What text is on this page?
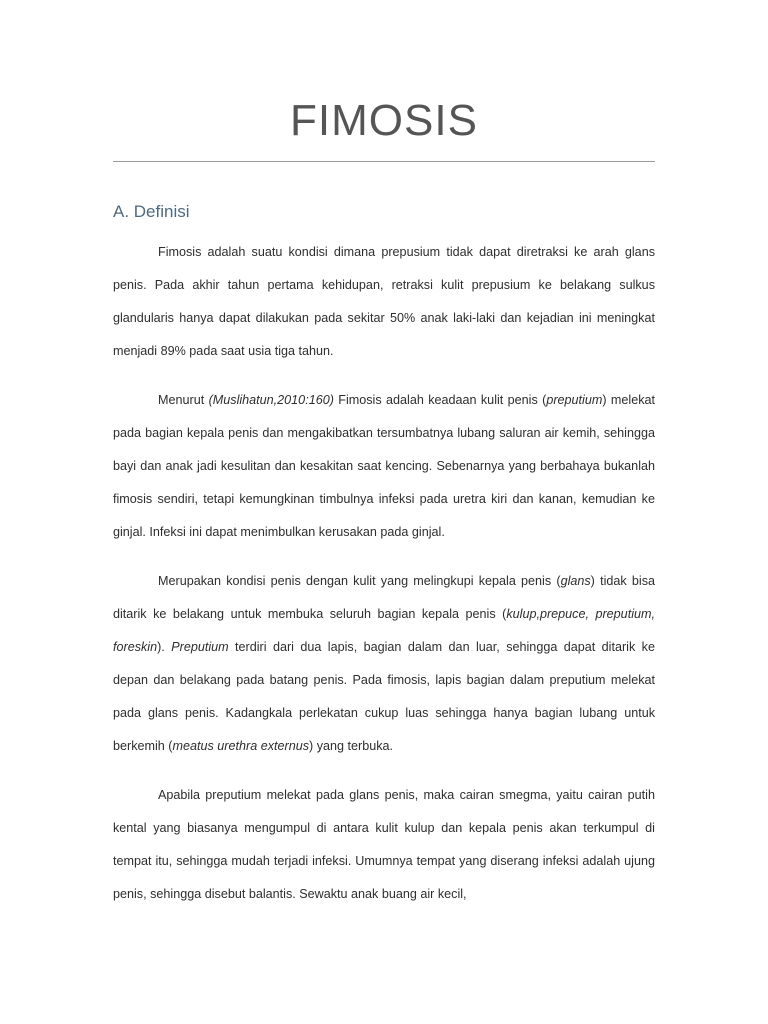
FIMOSIS
A. Definisi

Fimosis adalah suatu kondisi dimana prepusium tidak dapat diretraksi ke arah glans penis. Pada akhir tahun pertama kehidupan, retraksi kulit prepusium ke belakang sulkus glandularis hanya dapat dilakukan pada sekitar 50% anak laki-laki dan kejadian ini meningkat menjadi 89% pada saat usia tiga tahun.

Menurut (Muslihatun,2010:160) Fimosis adalah keadaan kulit penis (preputium) melekat pada bagian kepala penis dan mengakibatkan tersumbatnya lubang saluran air kemih, sehingga bayi dan anak jadi kesulitan dan kesakitan saat kencing. Sebenarnya yang berbahaya bukanlah fimosis sendiri, tetapi kemungkinan timbulnya infeksi pada uretra kiri dan kanan, kemudian ke ginjal. Infeksi ini dapat menimbulkan kerusakan pada ginjal.

Merupakan kondisi penis dengan kulit yang melingkupi kepala penis (glans) tidak bisa ditarik ke belakang untuk membuka seluruh bagian kepala penis (kulup,prepuce, preputium, foreskin). Preputium terdiri dari dua lapis, bagian dalam dan luar, sehingga dapat ditarik ke depan dan belakang pada batang penis. Pada fimosis, lapis bagian dalam preputium melekat pada glans penis. Kadangkala perlekatan cukup luas sehingga hanya bagian lubang untuk berkemih (meatus urethra externus) yang terbuka.

Apabila preputium melekat pada glans penis, maka cairan smegma, yaitu cairan putih kental yang biasanya mengumpul di antara kulit kulup dan kepala penis akan terkumpul di tempat itu, sehingga mudah terjadi infeksi. Umumnya tempat yang diserang infeksi adalah ujung penis, sehingga disebut balantis. Sewaktu anak buang air kecil,
